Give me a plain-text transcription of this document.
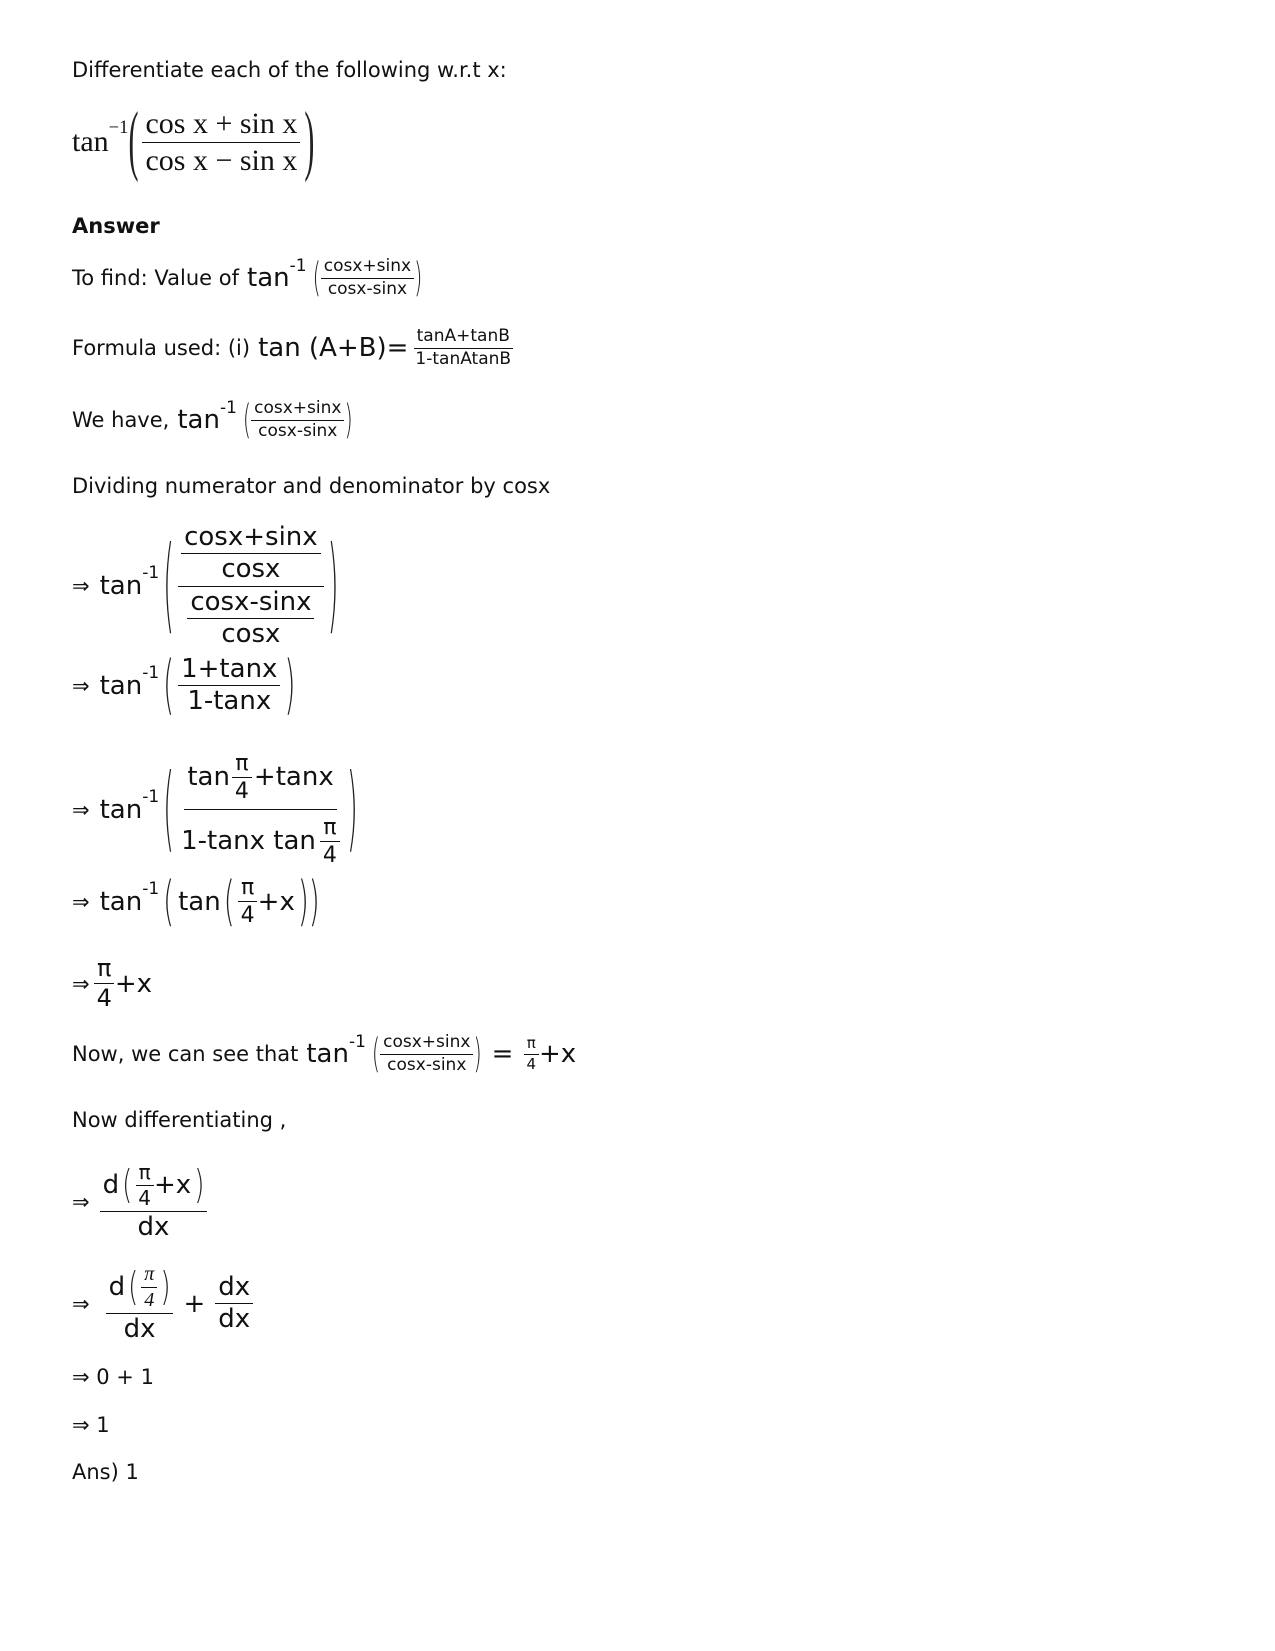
Differentiate each of the following w.r.t x:
tan −1 ( $\frac{\text{cos x + sin x}}{\text{cos x − sin x}}$ )
Answer
To find: Value of tan -1 ( $\frac{\cos x+\sin x}{\cos x-\sin x}$ )
Formula used: (i) $\tan (A+B)= \frac{\tan A+\tan B}{\text{1-tanAtanB}}$
We have, tan -1 ( $\frac{\cos x+\sin x}{\cos x-\sin x}$ )
Dividing numerator and denominator by cosx
⇒ tan -1 ( $\frac{\frac{\cos x+\sin x}{\cos x}}{\frac{\cos x-\sin x}{\cos x}}$ )
⇒ tan -1 ( $\frac{1+\tan x}{1-\tan x}$ )
⇒ tan -1 ( $\frac{\tan \frac{\pi}{4} +\tan x}{1-\tan x \tan \frac{\pi}{4}}$ )
⇒ tan -1 ( tan ( $\frac{\pi}{4} +x$ ) )
⇒ $\frac{\pi}{4} +x$
Now, we can see that tan -1 ( $\frac{\cos x+\sin x}{\cos x-\sin x}$ ) = $\frac{\pi}{4} +x$
Now differentiating ,
⇒ $\frac{d ( \frac{\pi}{4} +x )}{dx}$
⇒ $\frac{d ( \frac{\pi}{4} )}{dx} + \frac{dx}{dx}$
⇒ 0 + 1
⇒ 1
Ans) 1
